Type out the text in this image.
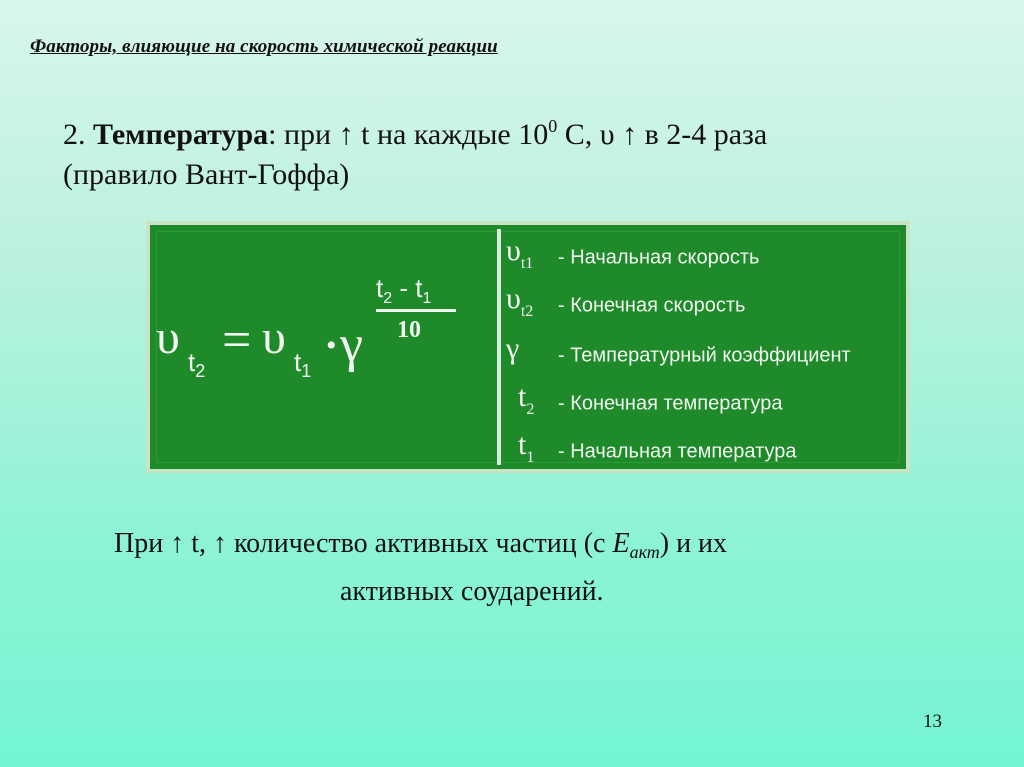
Факторы, влияющие на скорость химической реакции
2. Температура: при ↑ t на каждые $10^0$ С, υ ↑ в 2-4 раза
(правило Вант-Гоффа)
υ $t_2$
= υ $t_1$
• γ
$t_2 - t_1$
10
$\upsilon_{t1}$ - Начальная скорость
$\upsilon_{t2}$ - Конечная скорость
γ - Температурный коэффициент
$t_2$ - Конечная температура
$t_1$ - Начальная температура
При ↑ t, ↑ количество активных частиц (с $E_{акт}$) и их
активных соударений.
13
